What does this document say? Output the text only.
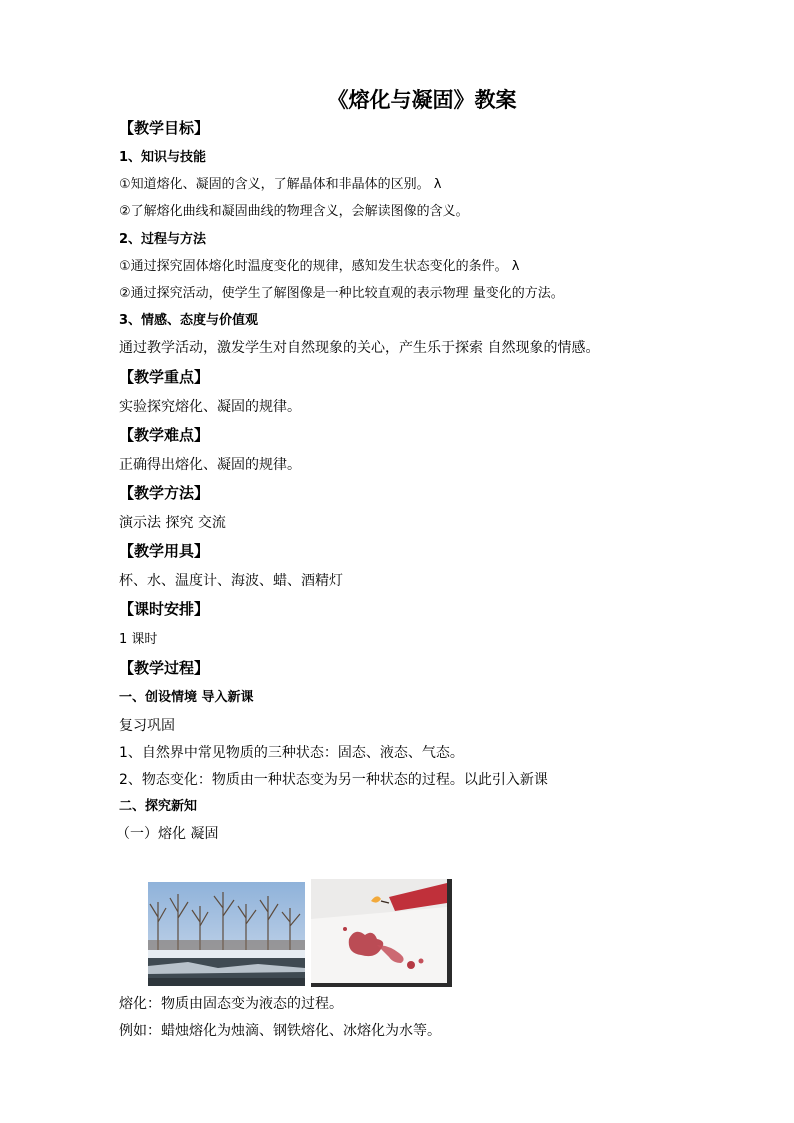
《熔化与凝固》教案

【教学目标】

1、知识与技能

①知道熔化、凝固的含义，了解晶体和非晶体的区别。 λ

②了解熔化曲线和凝固曲线的物理含义，会解读图像的含义。

2、过程与方法

①通过探究固体熔化时温度变化的规律，感知发生状态变化的条件。 λ

②通过探究活动，使学生了解图像是一种比较直观的表示物理 量变化的方法。

3、情感、态度与价值观

通过教学活动，激发学生对自然现象的关心，产生乐于探索 自然现象的情感。

【教学重点】

实验探究熔化、凝固的规律。

【教学难点】

正确得出熔化、凝固的规律。

【教学方法】

演示法 探究 交流

【教学用具】

杯、水、温度计、海波、蜡、酒精灯

【课时安排】

1 课时

【教学过程】

一、创设情境 导入新课

复习巩固

1、自然界中常见物质的三种状态：固态、液态、气态。

2、物态变化：物质由一种状态变为另一种状态的过程。以此引入新课

二、探究新知

（一）熔化 凝固

熔化：物质由固态变为液态的过程。

例如：蜡烛熔化为烛滴、钢铁熔化、冰熔化为水等。
